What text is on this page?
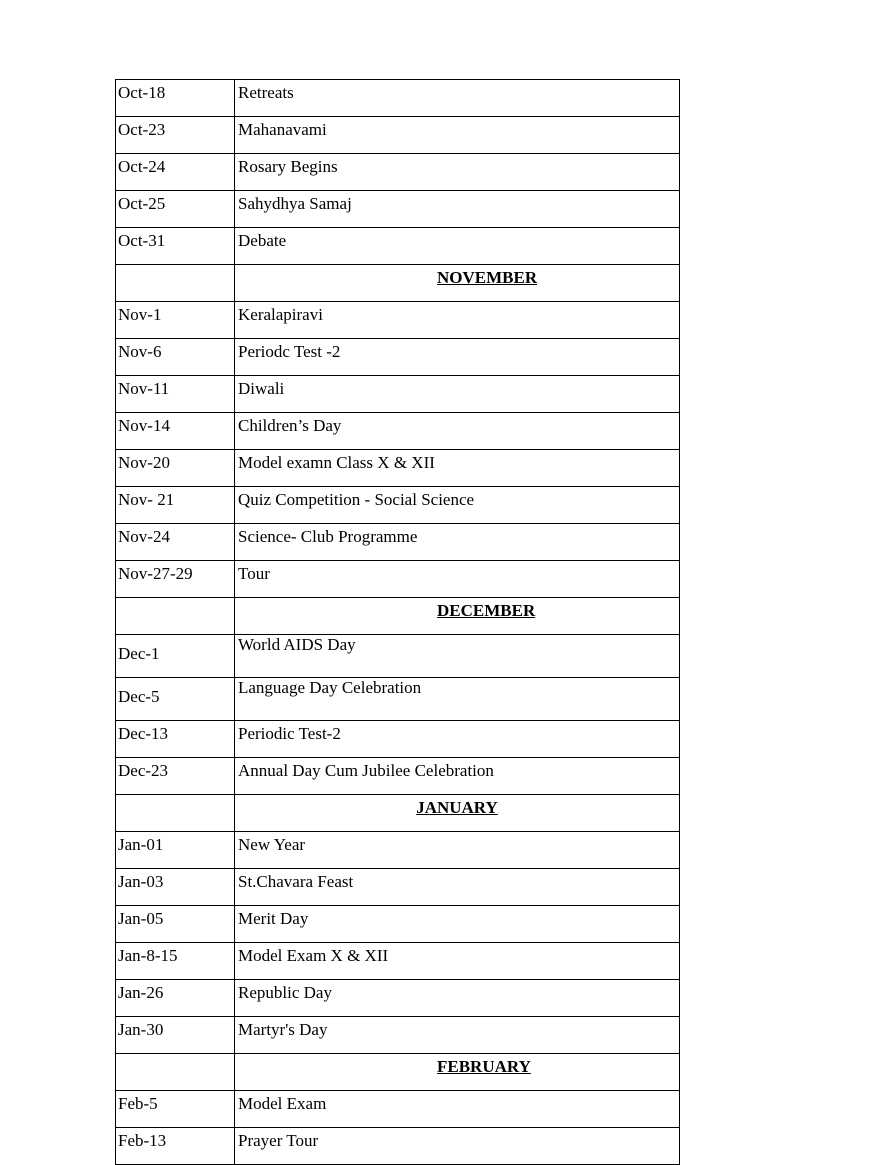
Oct-18	Retreats
Oct-23	Mahanavami
Oct-24	Rosary Begins
Oct-25	Sahydhya Samaj
Oct-31	Debate
	NOVEMBER
Nov-1	Keralapiravi
Nov-6	Periodc Test -2
Nov-11	Diwali
Nov-14	Children’s Day
Nov-20	Model examn Class X & XII
Nov- 21	Quiz Competition - Social Science
Nov-24	Science- Club Programme
Nov-27-29	Tour
	DECEMBER
Dec-1	World AIDS Day
Dec-5	Language Day Celebration
Dec-13	Periodic Test-2
Dec-23	Annual Day Cum Jubilee Celebration
	JANUARY
Jan-01	New Year
Jan-03	St.Chavara Feast
Jan-05	Merit Day
Jan-8-15	Model Exam X & XII
Jan-26	Republic Day
Jan-30	Martyr's Day
	FEBRUARY
Feb-5	Model Exam
Feb-13	Prayer Tour
